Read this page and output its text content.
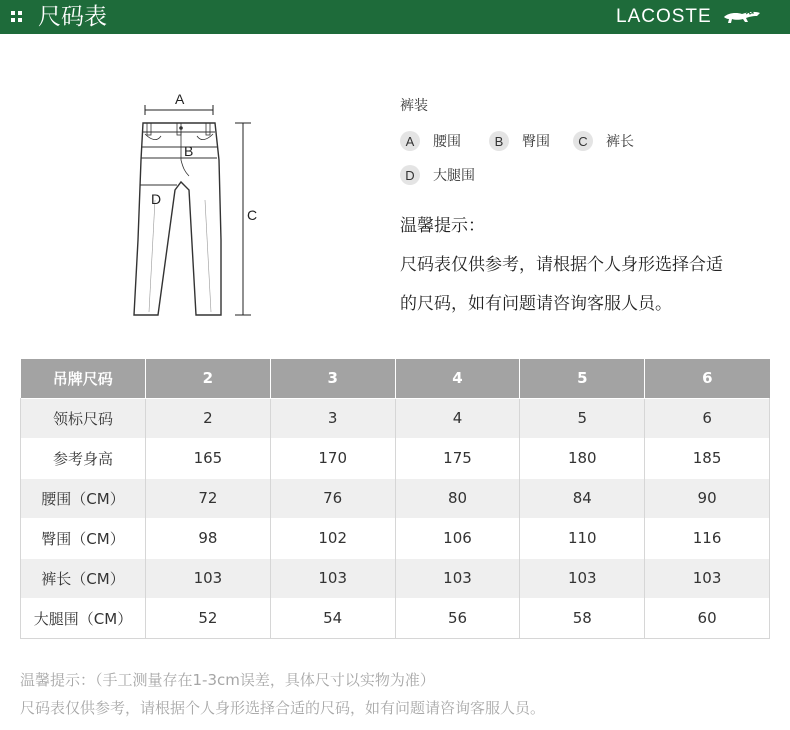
尺码表	LACOSTE
A
B
C
D
裤装
A	腰围	B	臀围	C	裤长
D	大腿围
温馨提示：
尺码表仅供参考，请根据个人身形选择合适
的尺码，如有问题请咨询客服人员。
吊牌尺码	2	3	4	5	6
领标尺码	2	3	4	5	6
参考身高	165	170	175	180	185
腰围（CM）	72	76	80	84	90
臀围（CM）	98	102	106	110	116
裤长（CM）	103	103	103	103	103
大腿围（CM）	52	54	56	58	60
温馨提示：（手工测量存在1-3cm误差，具体尺寸以实物为准）
尺码表仅供参考，请根据个人身形选择合适的尺码，如有问题请咨询客服人员。
